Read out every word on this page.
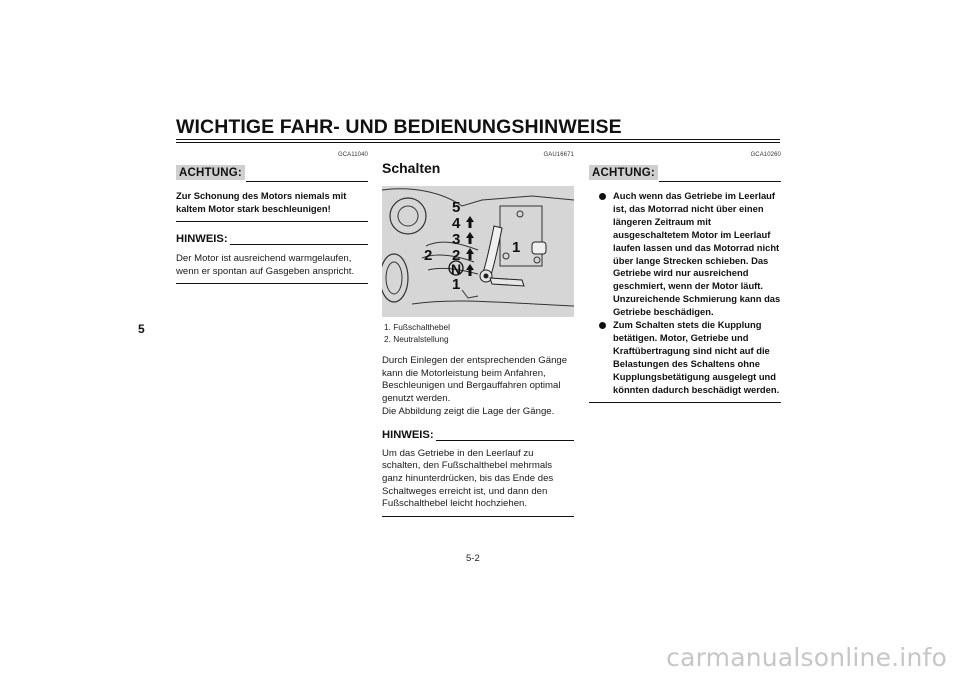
WICHTIGE FAHR- UND BEDIENUNGSHINWEISE
5
GCA11040
ACHTUNG:

Zur Schonung des Motors niemals mit kaltem Motor stark beschleunigen!

HINWEIS:

Der Motor ist ausreichend warmgelaufen, wenn er spontan auf Gasgeben anspricht.

GAU16671
Schalten
5
4
3
2
N
1
2	1
1. Fußschalthebel
2. Neutralstellung

Durch Einlegen der entsprechenden Gänge kann die Motorleistung beim Anfahren, Beschleunigen und Bergauffahren optimal genutzt werden.
Die Abbildung zeigt die Lage der Gänge.

HINWEIS:

Um das Getriebe in den Leerlauf zu schalten, den Fußschalthebel mehrmals ganz hinunterdrücken, bis das Ende des Schaltweges erreicht ist, und dann den Fußschalthebel leicht hochziehen.

GCA10260
ACHTUNG:
Auch wenn das Getriebe im Leerlauf ist, das Motorrad nicht über einen längeren Zeitraum mit ausgeschaltetem Motor im Leerlauf laufen lassen und das Motorrad nicht über lange Strecken schieben. Das Getriebe wird nur ausreichend geschmiert, wenn der Motor läuft. Unzureichende Schmierung kann das Getriebe beschädigen.
Zum Schalten stets die Kupplung betätigen. Motor, Getriebe und Kraftübertragung sind nicht auf die Belastungen des Schaltens ohne Kupplungsbetätigung ausgelegt und könnten dadurch beschädigt werden.
5-2
carmanualsonline.info
